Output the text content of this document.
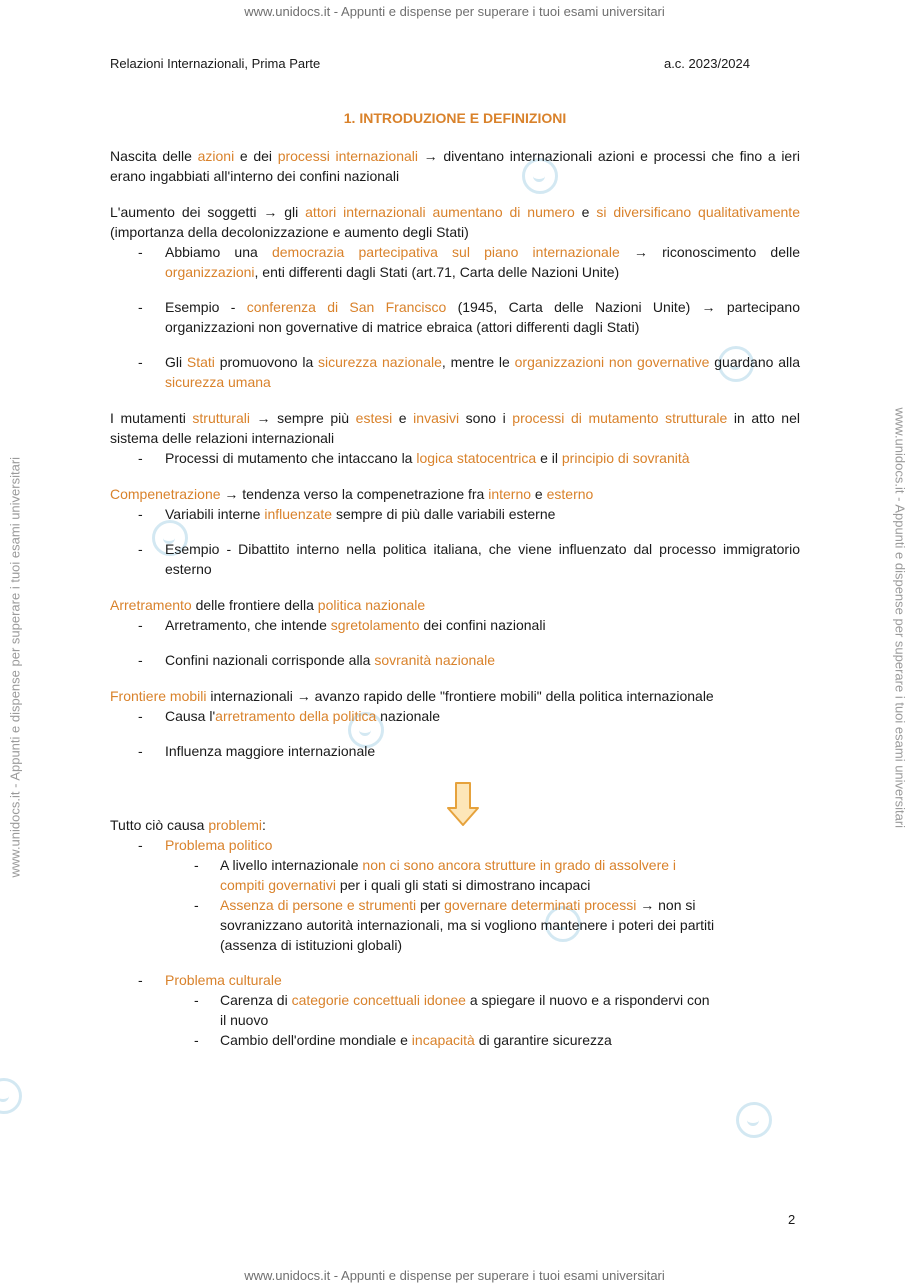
www.unidocs.it - Appunti e dispense per superare i tuoi esami universitari
www.unidocs.it - Appunti e dispense per superare i tuoi esami universitari
www.unidocs.it - Appunti e dispense per superare i tuoi esami universitari	www.unidocs.it - Appunti e dispense per superare i tuoi esami universitari
Relazioni Internazionali, Prima Parte	a.c. 2023/2024
1. INTRODUZIONE E DEFINIZIONI

Nascita delle azioni e dei processi internazionali → diventano internazionali azioni e processi che fino a ieri erano ingabbiati all'interno dei confini nazionali

L'aumento dei soggetti → gli attori internazionali aumentano di numero e si diversificano qualitativamente (importanza della decolonizzazione e aumento degli Stati)

- Abbiamo una democrazia partecipativa sul piano internazionale → riconoscimento delle organizzazioni, enti differenti dagli Stati (art.71, Carta delle Nazioni Unite)

- Esempio - conferenza di San Francisco (1945, Carta delle Nazioni Unite) → partecipano organizzazioni non governative di matrice ebraica (attori differenti dagli Stati)

- Gli Stati promuovono la sicurezza nazionale, mentre le organizzazioni non governative guardano alla sicurezza umana

I mutamenti strutturali → sempre più estesi e invasivi sono i processi di mutamento strutturale in atto nel sistema delle relazioni internazionali

- Processi di mutamento che intaccano la logica statocentrica e il principio di sovranità

Compenetrazione → tendenza verso la compenetrazione fra interno e esterno

- Variabili interne influenzate sempre di più dalle variabili esterne

- Esempio - Dibattito interno nella politica italiana, che viene influenzato dal processo immigratorio esterno

Arretramento delle frontiere della politica nazionale

- Arretramento, che intende sgretolamento dei confini nazionali

- Confini nazionali corrisponde alla sovranità nazionale

Frontiere mobili internazionali → avanzo rapido delle "frontiere mobili" della politica internazionale

- Causa l'arretramento della politica nazionale

- Influenza maggiore internazionale

Tutto ciò causa problemi:

- Problema politico

- A livello internazionale non ci sono ancora strutture in grado di assolvere i compiti governativi per i quali gli stati si dimostrano incapaci

- Assenza di persone e strumenti per governare determinati processi → non si sovranizzano autorità internazionali, ma si vogliono mantenere i poteri dei partiti (assenza di istituzioni globali)

- Problema culturale

- Carenza di categorie concettuali idonee a spiegare il nuovo e a rispondervi con il nuovo

- Cambio dell'ordine mondiale e incapacità di garantire sicurezza

2
